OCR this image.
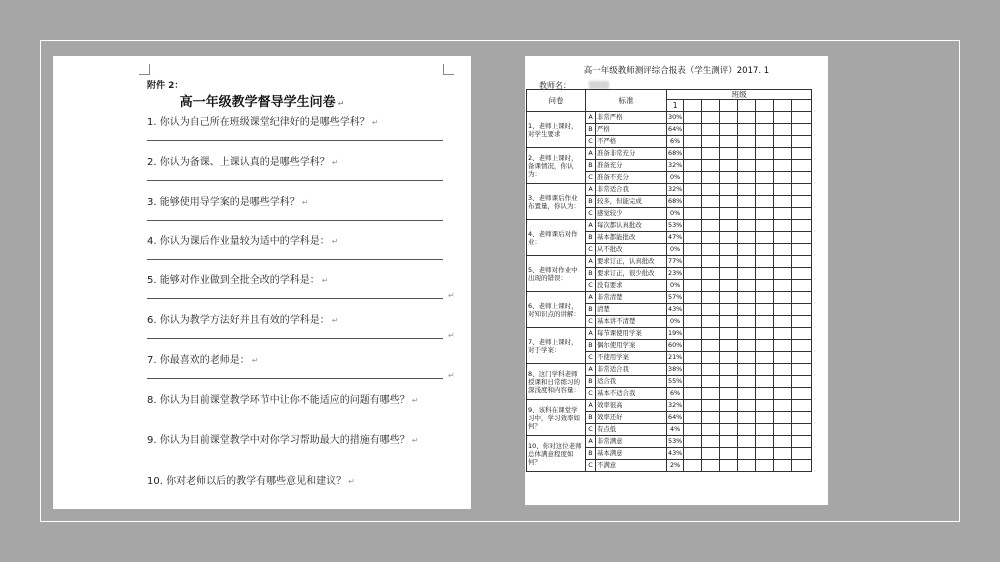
附件 2：
高一年级教学督导学生问卷 ↵
1. 你认为自己所在班级课堂纪律好的是哪些学科？ ↵
2. 你认为备课、上课认真的是哪些学科？ ↵
3. 能够使用导学案的是哪些学科？ ↵
4. 你认为课后作业量较为适中的学科是： ↵
5. 能够对作业做到全批全改的学科是： ↵
↵
6. 你认为教学方法好并且有效的学科是： ↵
↵
7. 你最喜欢的老师是： ↵
↵
8. 你认为目前课堂教学环节中让你不能适应的问题有哪些？ ↵
9. 你认为目前课堂教学中对你学习帮助最大的措施有哪些？ ↵
10. 你对老师以后的教学有哪些意见和建议？ ↵
高一年级教师测评综合报表（学生测评）2017. 1
教师名：
问卷	标准		班级							
			1							
1、老师上课时，对学生要求	A	非常严格	30%							
	B	严格	64%							
	C	不严格	6%							
2、老师上课时，备课情况，你认为：	A	准备非常充分	68%							
	B	准备充分	32%							
	C	准备不充分	0%							
3、老师课后作业布置量，你认为：	A	非常适合我	32%							
	B	较多，但能完成	68%							
	C	感觉较少	0%							
4、老师课后对作业：	A	每次都认真批改	53%							
	B	基本都能批改	47%							
	C	从不批改	0%							
5、老师对作业中出现的错误：	A	要求订正，认真批改	77%							
	B	要求订正，很少批改	23%							
	C	没有要求	0%							
6、老师上课时，对知识点的讲解：	A	非常清楚	57%							
	B	清楚	43%							
	C	基本讲不清楚	0%							
7、老师上课时，对于学案：	A	每节课使用学案	19%							
	B	偶尔使用学案	60%							
	C	不使用学案	21%							
8、这门学科老师授课和日常练习的深浅度和内容量：	A	非常适合我	38%							
	B	适合我	55%							
	C	基本不适合我	6%							
9、该科在课堂学习中，学习效率如何？	A	效率很高	32%							
	B	效率还好	64%							
	C	有点低	4%							
10、你对这位老师总体满意程度如何？	A	非常满意	53%							
	B	基本满意	43%							
	C	不满意	2%							
